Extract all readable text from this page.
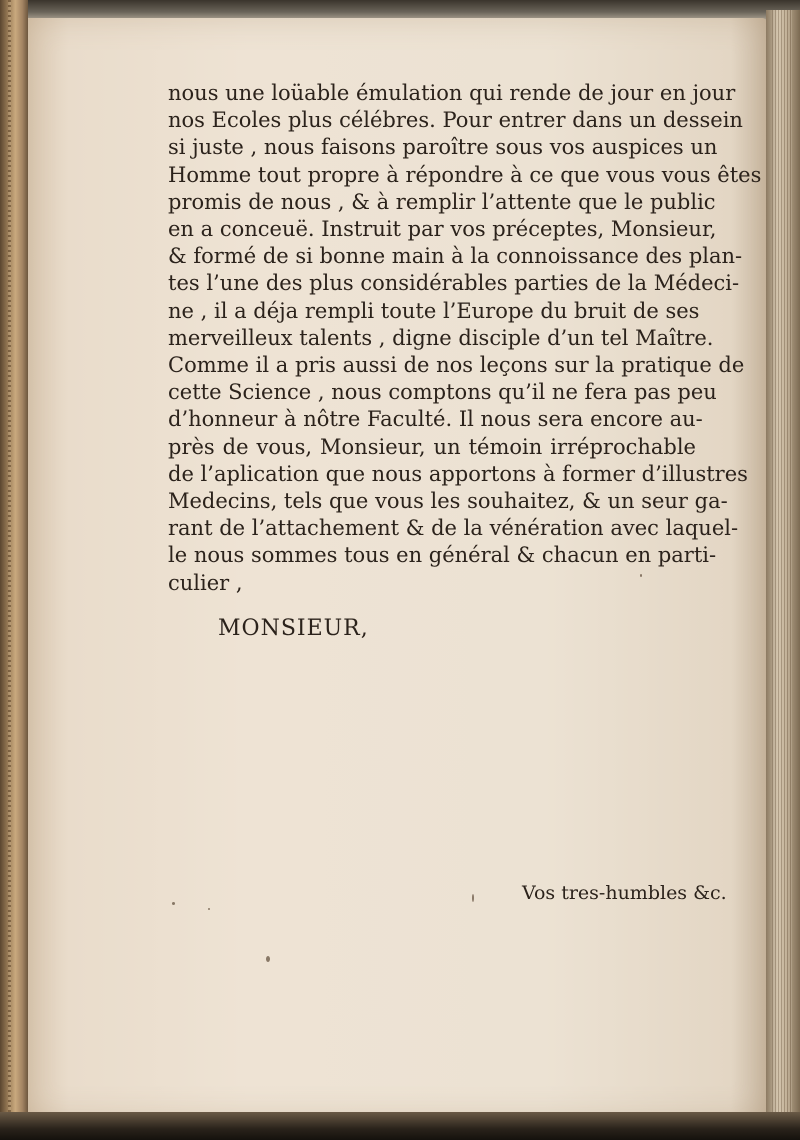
nous une loüable émulation qui rende de jour en jour
nos Ecoles plus célébres. Pour entrer dans un dessein
si juste , nous faisons paroître sous vos auspices un
Homme tout propre à répondre à ce que vous vous êtes
promis de nous , & à remplir l’attente que le public
en a conceuë. Instruit par vos préceptes, Monsieur,
& formé de si bonne main à la connoissance des plan-
tes l’une des plus considérables parties de la Médeci-
ne , il a déja rempli toute l’Europe du bruit de ses
merveilleux talents , digne disciple d’un tel Maître.
Comme il a pris aussi de nos leçons sur la pratique de
cette Science , nous comptons qu’il ne fera pas peu
d’honneur à nôtre Faculté. Il nous sera encore au-
près de vous, Monsieur, un témoin irréprochable
de l’aplication que nous apportons à former d’illustres
Medecins, tels que vous les souhaitez, & un seur ga-
rant de l’attachement & de la vénération avec laquel-
le nous sommes tous en général & chacun en parti-
culier ,
MONSIEUR,
Vos tres-humbles &c.
